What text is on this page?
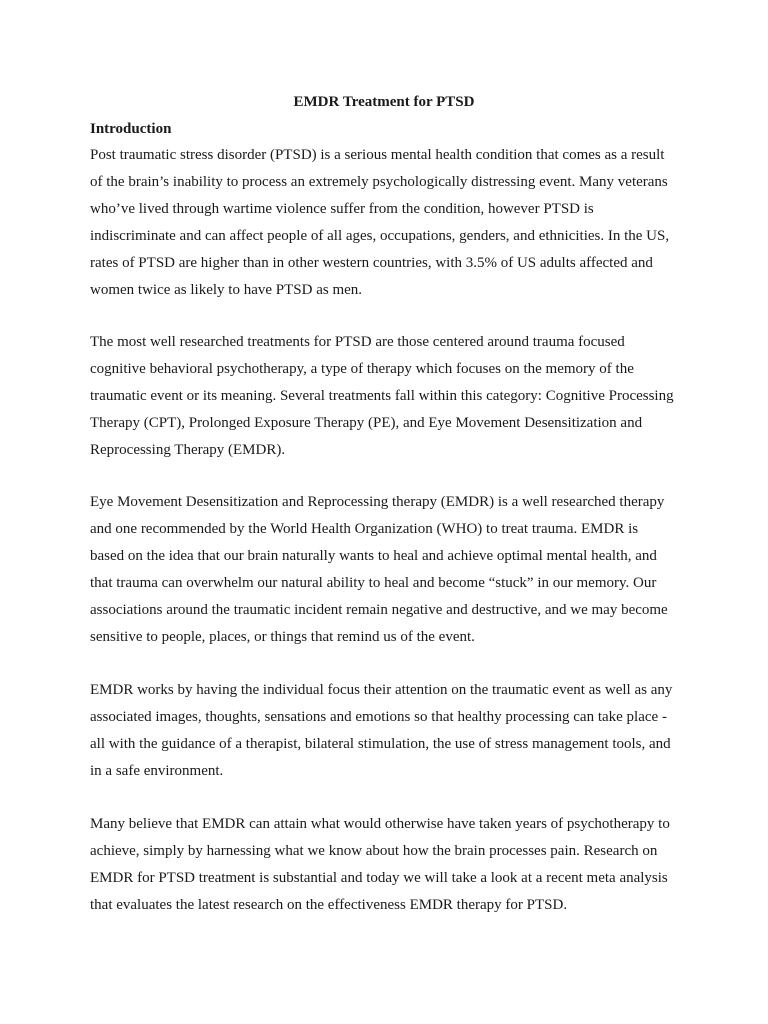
EMDR Treatment for PTSD
Introduction
Post traumatic stress disorder (PTSD) is a serious mental health condition that comes as a result
of the brain’s inability to process an extremely psychologically distressing event. Many veterans
who’ve lived through wartime violence suffer from the condition, however PTSD is
indiscriminate and can affect people of all ages, occupations, genders, and ethnicities. In the US,
rates of PTSD are higher than in other western countries, with 3.5% of US adults affected and
women twice as likely to have PTSD as men.
The most well researched treatments for PTSD are those centered around trauma focused
cognitive behavioral psychotherapy, a type of therapy which focuses on the memory of the
traumatic event or its meaning. Several treatments fall within this category: Cognitive Processing
Therapy (CPT), Prolonged Exposure Therapy (PE), and Eye Movement Desensitization and
Reprocessing Therapy (EMDR).
Eye Movement Desensitization and Reprocessing therapy (EMDR) is a well researched therapy
and one recommended by the World Health Organization (WHO) to treat trauma. EMDR is
based on the idea that our brain naturally wants to heal and achieve optimal mental health, and
that trauma can overwhelm our natural ability to heal and become “stuck” in our memory. Our
associations around the traumatic incident remain negative and destructive, and we may become
sensitive to people, places, or things that remind us of the event.
EMDR works by having the individual focus their attention on the traumatic event as well as any
associated images, thoughts, sensations and emotions so that healthy processing can take place -
all with the guidance of a therapist, bilateral stimulation, the use of stress management tools, and
in a safe environment.
Many believe that EMDR can attain what would otherwise have taken years of psychotherapy to
achieve, simply by harnessing what we know about how the brain processes pain. Research on
EMDR for PTSD treatment is substantial and today we will take a look at a recent meta analysis
that evaluates the latest research on the effectiveness EMDR therapy for PTSD.
